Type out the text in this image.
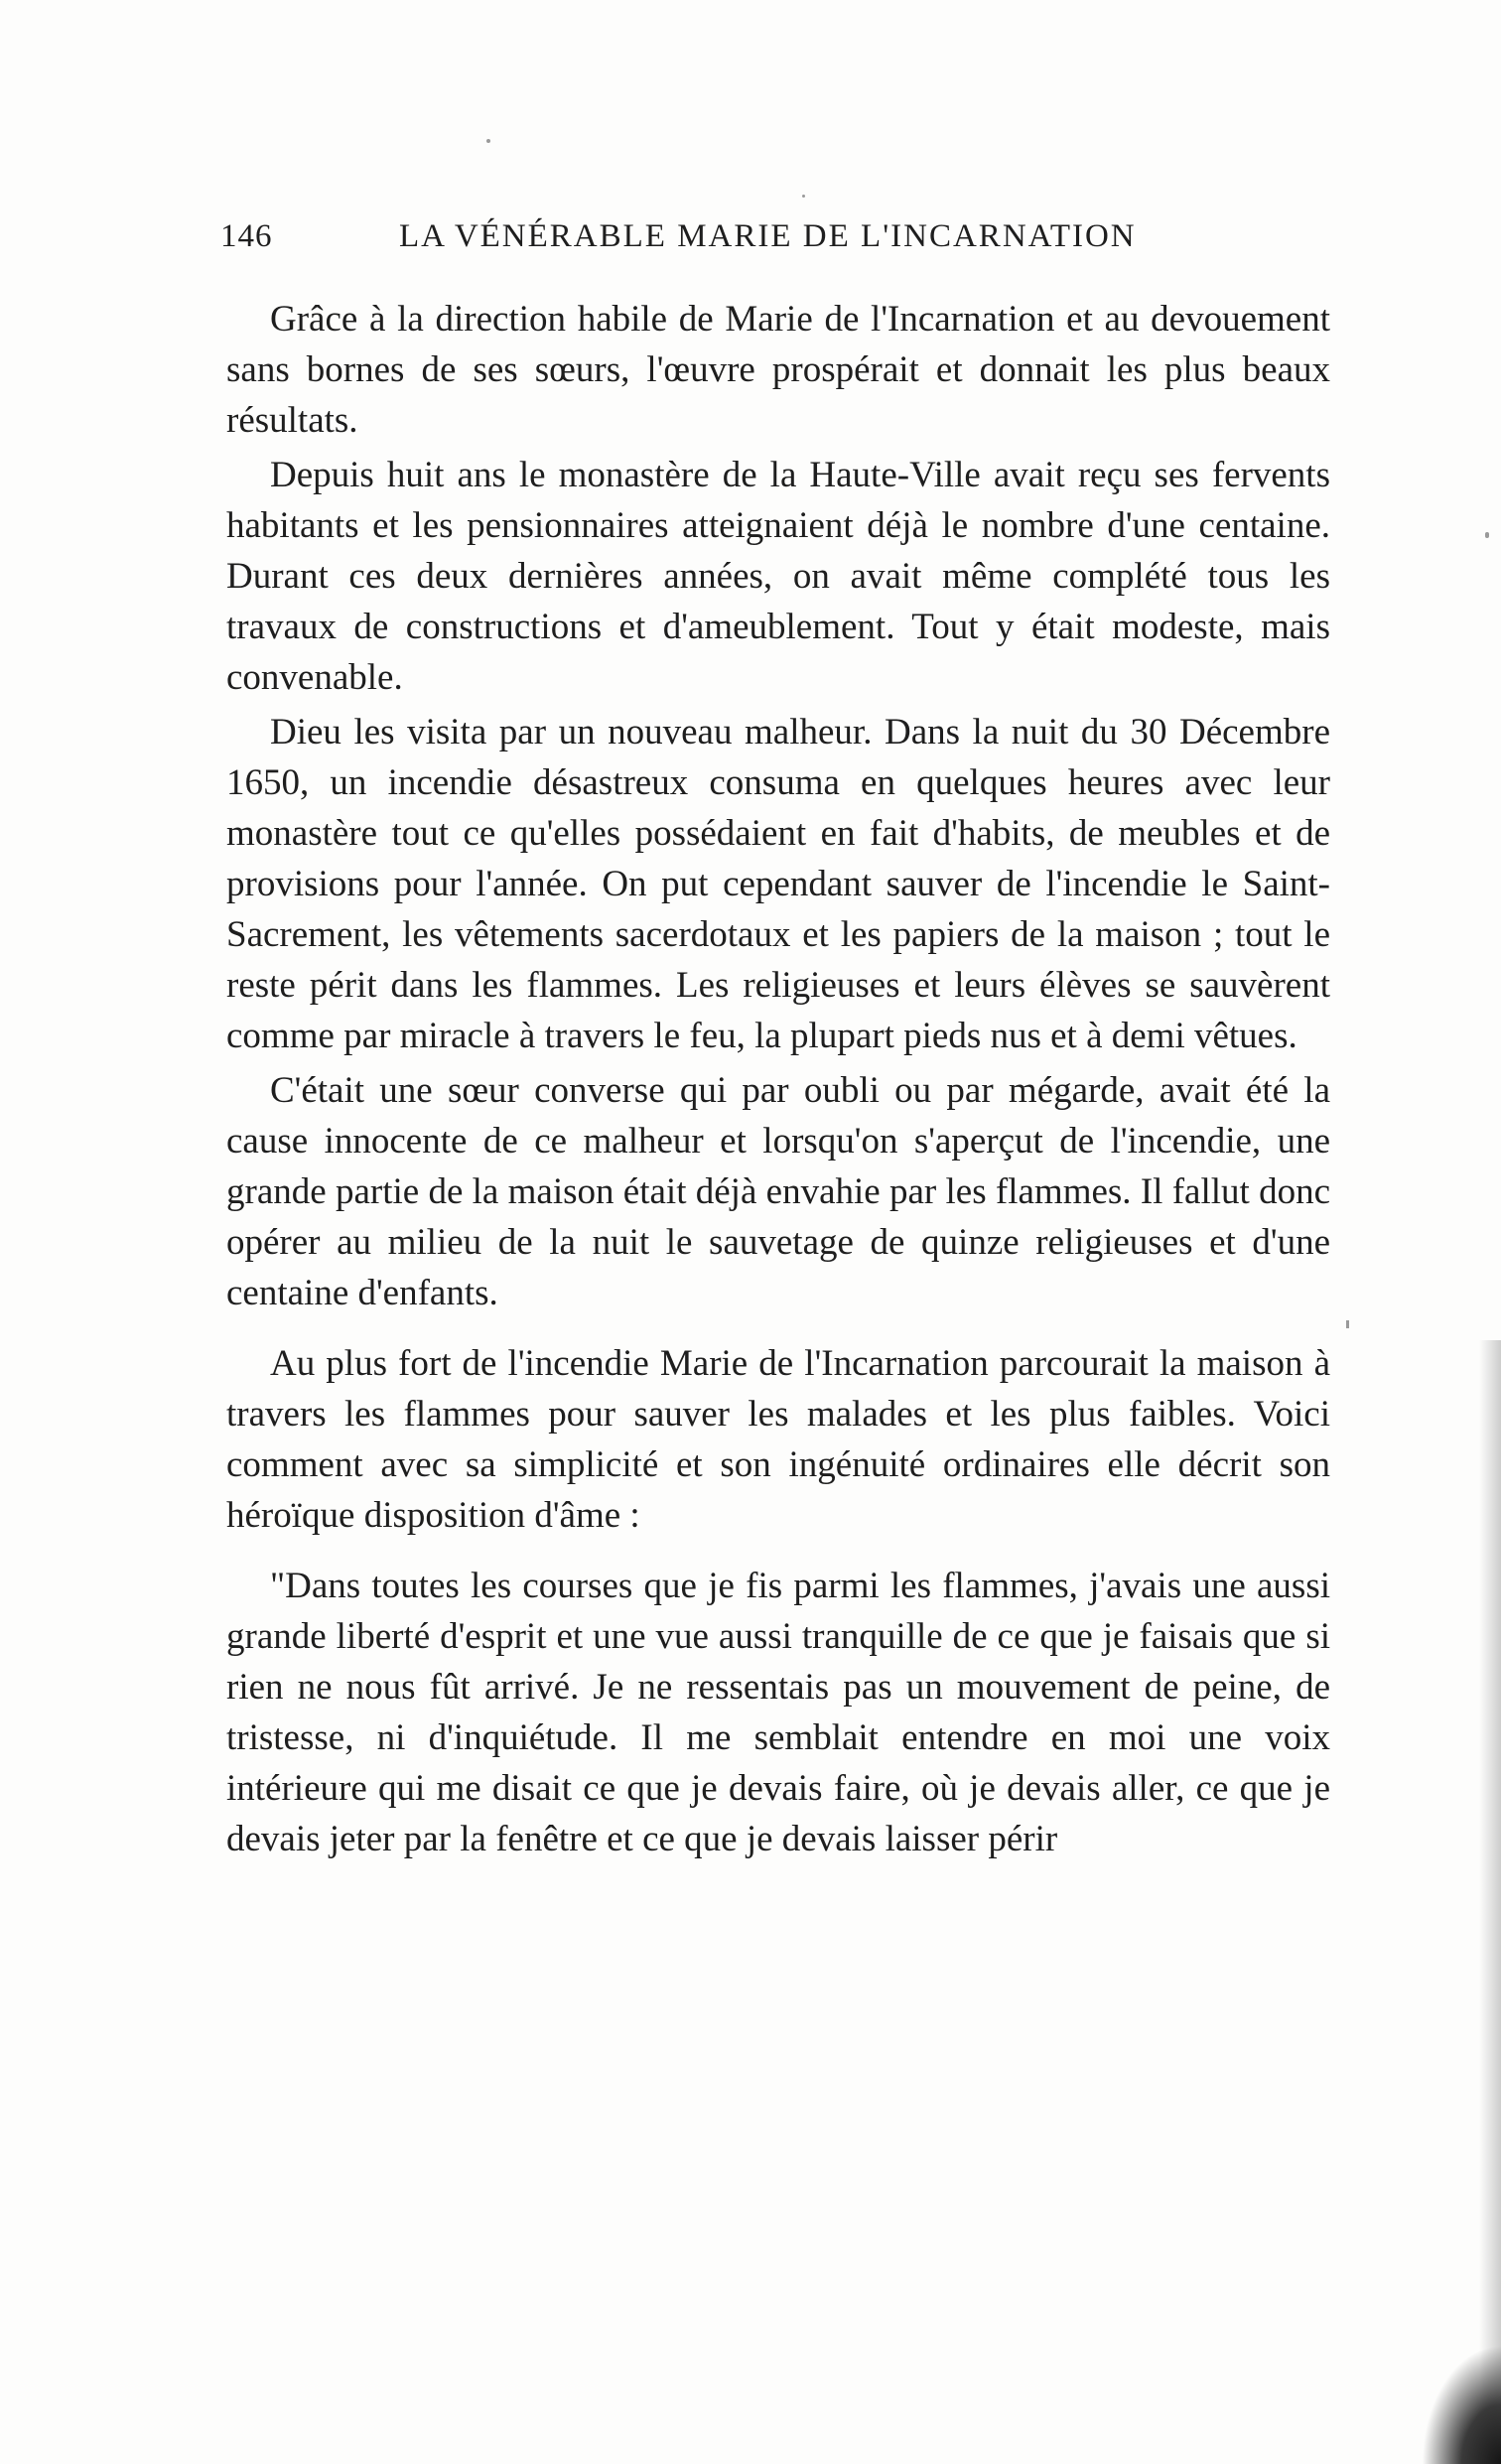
146	LA VÉNÉRABLE MARIE DE L'INCARNATION

Grâce à la direction habile de Marie de l'Incarnation et au devouement sans bornes de ses sœurs, l'œuvre prospérait et donnait les plus beaux résultats.

Depuis huit ans le monastère de la Haute-Ville avait reçu ses fervents habitants et les pensionnaires atteignaient déjà le nombre d'une centaine. Durant ces deux dernières années, on avait même complété tous les travaux de constructions et d'ameublement. Tout y était modeste, mais convenable.

Dieu les visita par un nouveau malheur. Dans la nuit du 30 Décembre 1650, un incendie désastreux consuma en quelques heures avec leur monastère tout ce qu'elles possédaient en fait d'habits, de meubles et de provisions pour l'année. On put cependant sauver de l'incendie le Saint-Sacrement, les vêtements sacerdotaux et les papiers de la maison ; tout le reste périt dans les flammes. Les religieuses et leurs élèves se sauvèrent comme par miracle à travers le feu, la plupart pieds nus et à demi vêtues.

C'était une sœur converse qui par oubli ou par mégarde, avait été la cause innocente de ce malheur et lorsqu'on s'aperçut de l'incendie, une grande partie de la maison était déjà envahie par les flammes. Il fallut donc opérer au milieu de la nuit le sauvetage de quinze religieuses et d'une centaine d'enfants.

Au plus fort de l'incendie Marie de l'Incarnation parcourait la maison à travers les flammes pour sauver les malades et les plus faibles. Voici comment avec sa simplicité et son ingénuité ordinaires elle décrit son héroïque disposition d'âme :

"Dans toutes les courses que je fis parmi les flammes, j'avais une aussi grande liberté d'esprit et une vue aussi tranquille de ce que je faisais que si rien ne nous fût arrivé. Je ne ressentais pas un mouvement de peine, de tristesse, ni d'inquiétude. Il me semblait entendre en moi une voix intérieure qui me disait ce que je devais faire, où je devais aller, ce que je devais jeter par la fenêtre et ce que je devais laisser périr
